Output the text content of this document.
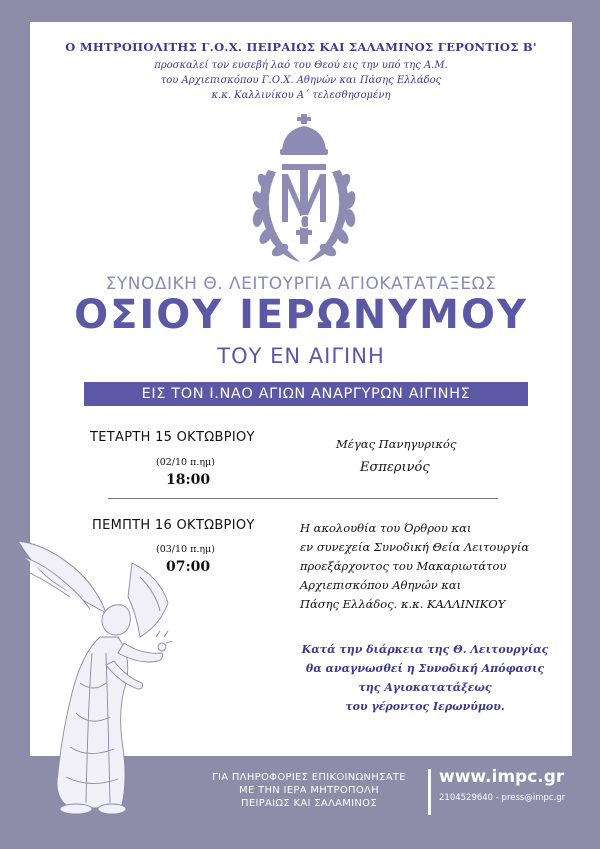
Ο ΜΗΤΡΟΠΟΛΙΤΗΣ Γ.Ο.Χ. ΠΕΙΡΑΙΩΣ ΚΑΙ ΣΑΛΑΜΙΝΟΣ ΓΕΡΟΝΤΙΟΣ Β'
προσκαλεί τον ευσεβή λαό του Θεού εις την υπό της Α.Μ.
του Αρχιεπισκόπου Γ.Ο.Χ. Αθηνών και Πάσης Ελλάδος
κ.κ. Καλλινίκου Α΄ τελεσθησομένη
C
ΣΥΝΟΔΙΚΗ Θ. ΛΕΙΤΟΥΡΓΙΑ ΑΓΙΟΚΑΤΑΤΑΞΕΩΣ
ΟΣΙΟΥ ΙΕΡΩΝΥΜΟΥ
ΤΟΥ ΕΝ ΑΙΓΙΝΗ
ΕΙΣ ΤΟΝ Ι.ΝΑΟ ΑΓΙΩΝ ΑΝΑΡΓΥΡΩΝ ΑΙΓΙΝΗΣ
ΤΕΤΑΡΤΗ 15 ΟΚΤΩΒΡΙΟΥ
(02/10 π.ημ)
18:00
Μέγας Πανηγυρικός
Εσπερινός
ΠΕΜΠΤΗ 16 ΟΚΤΩΒΡΙΟΥ
(03/10 π.ημ)
07:00
Η ακολουθία του Όρθρου και
εν συνεχεία Συνοδική Θεία Λειτουργία
προεξάρχοντος του Μακαριωτάτου
Αρχιεπισκόπου Αθηνών και
Πάσης Ελλάδος. κ.κ. ΚΑΛΛΙΝΙΚΟΥ
Κατά την διάρκεια της Θ. Λειτουργίας
θα αναγνωσθεί η Συνοδική Απόφασις
της Αγιοκατατάξεως
του γέροντος Ιερωνύμου.
ΓΙΑ ΠΛΗΡΟΦΟΡΙΕΣ ΕΠΙΚΟΙΝΩΝΗΣΑΤΕ
ΜΕ ΤΗΝ ΙΕΡΑ ΜΗΤΡΟΠΟΛΗ
ΠΕΙΡΑΙΩΣ ΚΑΙ ΣΑΛΑΜΙΝΟΣ
www.impc.gr
2104529640 - press@impc.gr
